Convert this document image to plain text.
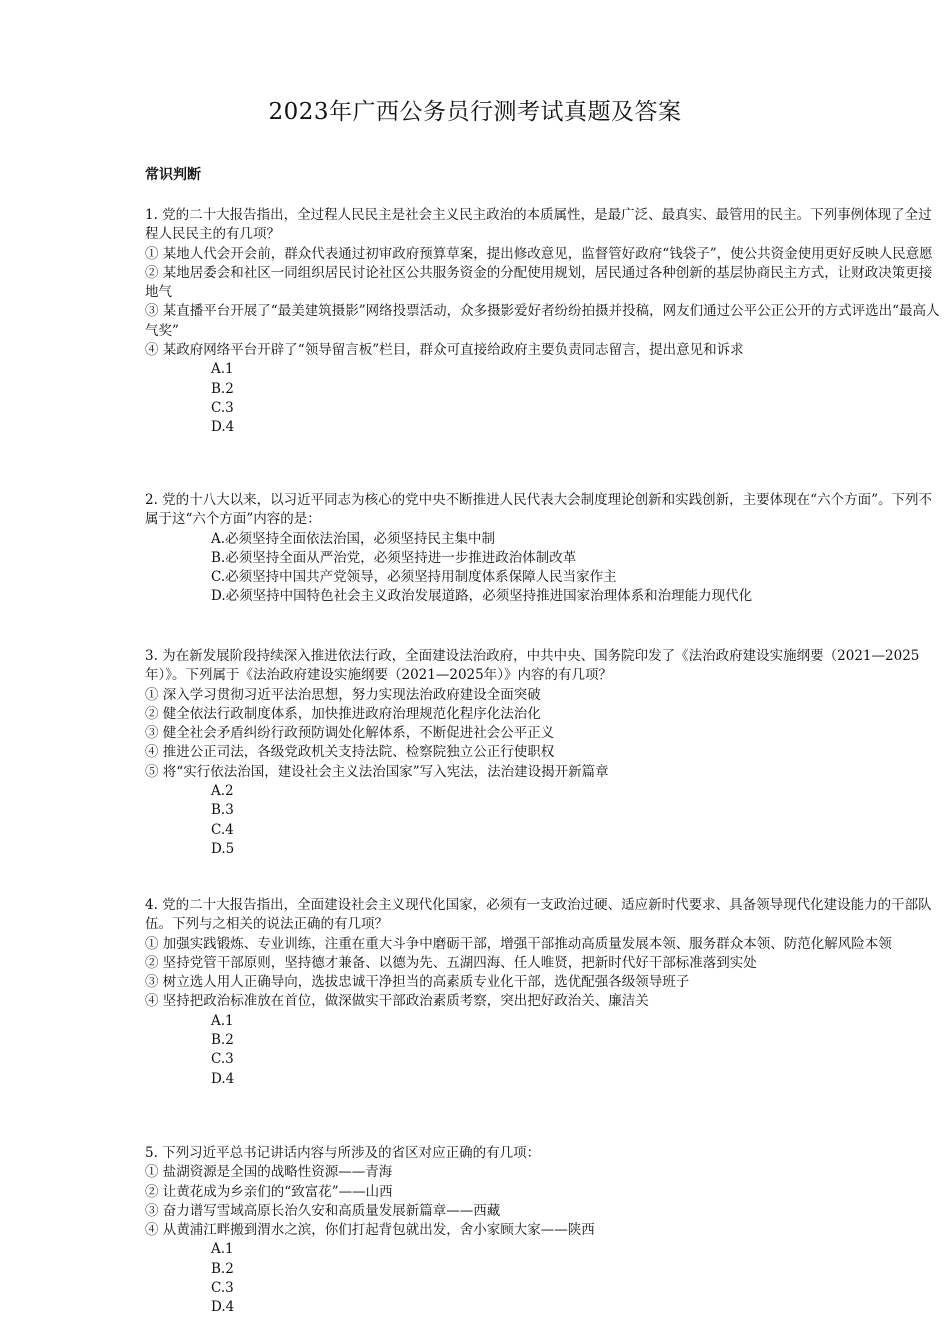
2023年广西公务员行测考试真题及答案
常识判断

1. 党的二十大报告指出，全过程人民民主是社会主义民主政治的本质属性，是最广泛、最真实、最管用的民主。下列事例体现了全过程人民民主的有几项？

① 某地人代会开会前，群众代表通过初审政府预算草案，提出修改意见，监督管好政府“钱袋子”，使公共资金使用更好反映人民意愿

② 某地居委会和社区一同组织居民讨论社区公共服务资金的分配使用规划，居民通过各种创新的基层协商民主方式，让财政决策更接地气

③ 某直播平台开展了“最美建筑摄影”网络投票活动，众多摄影爱好者纷纷拍摄并投稿，网友们通过公平公正公开的方式评选出“最高人气奖”

④ 某政府网络平台开辟了“领导留言板”栏目，群众可直接给政府主要负责同志留言，提出意见和诉求

A.1
B.2
C.3
D.4

2. 党的十八大以来，以习近平同志为核心的党中央不断推进人民代表大会制度理论创新和实践创新，主要体现在“六个方面”。下列不属于这“六个方面”内容的是：

A.必须坚持全面依法治国，必须坚持民主集中制
B.必须坚持全面从严治党，必须坚持进一步推进政治体制改革
C.必须坚持中国共产党领导，必须坚持用制度体系保障人民当家作主
D.必须坚持中国特色社会主义政治发展道路，必须坚持推进国家治理体系和治理能力现代化

3. 为在新发展阶段持续深入推进依法行政，全面建设法治政府，中共中央、国务院印发了《法治政府建设实施纲要（2021—2025年）》。下列属于《法治政府建设实施纲要（2021—2025年）》内容的有几项？

① 深入学习贯彻习近平法治思想，努力实现法治政府建设全面突破

② 健全依法行政制度体系，加快推进政府治理规范化程序化法治化

③ 健全社会矛盾纠纷行政预防调处化解体系，不断促进社会公平正义

④ 推进公正司法，各级党政机关支持法院、检察院独立公正行使职权

⑤ 将“实行依法治国，建设社会主义法治国家”写入宪法，法治建设揭开新篇章

A.2
B.3
C.4
D.5

4. 党的二十大报告指出，全面建设社会主义现代化国家，必须有一支政治过硬、适应新时代要求、具备领导现代化建设能力的干部队伍。下列与之相关的说法正确的有几项？

① 加强实践锻炼、专业训练，注重在重大斗争中磨砺干部，增强干部推动高质量发展本领、服务群众本领、防范化解风险本领

② 坚持党管干部原则，坚持德才兼备、以德为先、五湖四海、任人唯贤，把新时代好干部标准落到实处

③ 树立选人用人正确导向，选拔忠诚干净担当的高素质专业化干部，选优配强各级领导班子

④ 坚持把政治标准放在首位，做深做实干部政治素质考察，突出把好政治关、廉洁关

A.1
B.2
C.3
D.4

5. 下列习近平总书记讲话内容与所涉及的省区对应正确的有几项：

① 盐湖资源是全国的战略性资源——青海

② 让黄花成为乡亲们的“致富花”——山西

③ 奋力谱写雪域高原长治久安和高质量发展新篇章——西藏

④ 从黄浦江畔搬到渭水之滨，你们打起背包就出发，舍小家顾大家——陕西

A.1
B.2
C.3
D.4
